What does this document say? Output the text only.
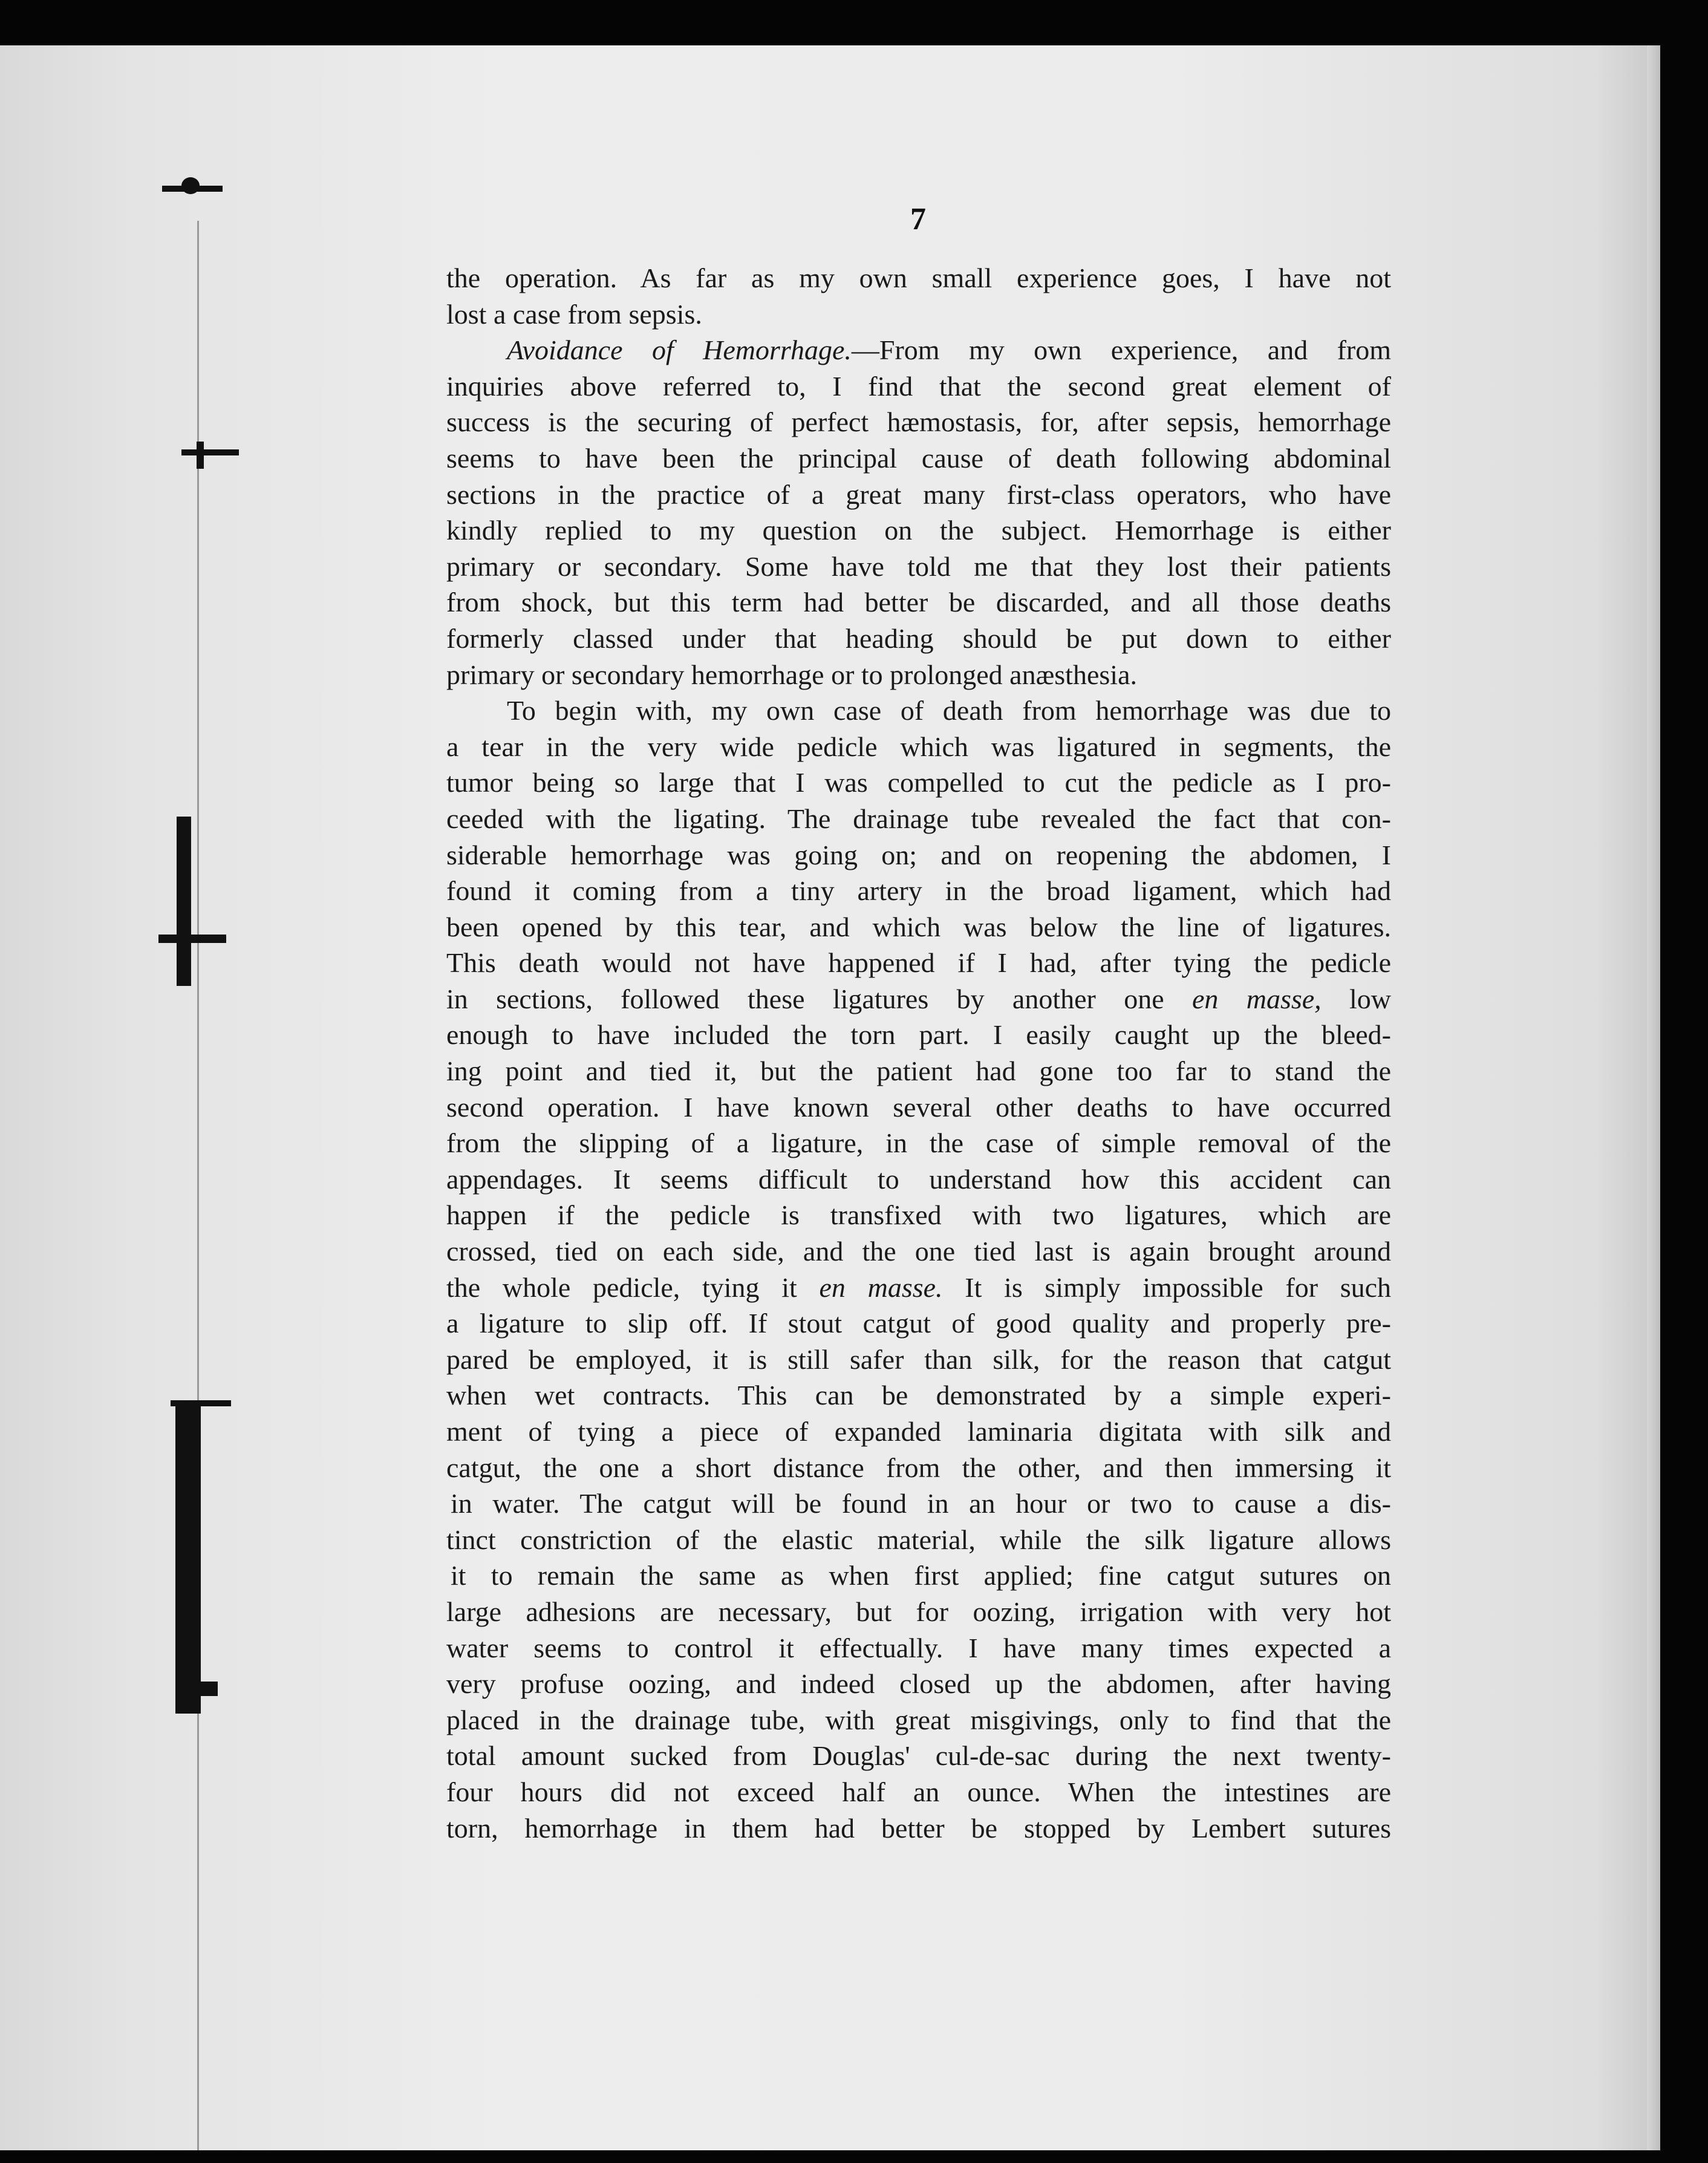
7
the operation. As far as my own small experience goes, I have not
lost a case from sepsis.
Avoidance of Hemorrhage.—From my own experience, and from
inquiries above referred to, I find that the second great element of
success is the securing of perfect hæmostasis, for, after sepsis, hemorrhage
seems to have been the principal cause of death following abdominal
sections in the practice of a great many first-class operators, who have
kindly replied to my question on the subject. Hemorrhage is either
primary or secondary. Some have told me that they lost their patients
from shock, but this term had better be discarded, and all those deaths
formerly classed under that heading should be put down to either
primary or secondary hemorrhage or to prolonged anæsthesia.
To begin with, my own case of death from hemorrhage was due to
a tear in the very wide pedicle which was ligatured in segments, the
tumor being so large that I was compelled to cut the pedicle as I pro-
ceeded with the ligating. The drainage tube revealed the fact that con-
siderable hemorrhage was going on; and on reopening the abdomen, I
found it coming from a tiny artery in the broad ligament, which had
been opened by this tear, and which was below the line of ligatures.
This death would not have happened if I had, after tying the pedicle
in sections, followed these ligatures by another one en masse, low
enough to have included the torn part. I easily caught up the bleed-
ing point and tied it, but the patient had gone too far to stand the
second operation. I have known several other deaths to have occurred
from the slipping of a ligature, in the case of simple removal of the
appendages. It seems difficult to understand how this accident can
happen if the pedicle is transfixed with two ligatures, which are
crossed, tied on each side, and the one tied last is again brought around
the whole pedicle, tying it en masse. It is simply impossible for such
a ligature to slip off. If stout catgut of good quality and properly pre-
pared be employed, it is still safer than silk, for the reason that catgut
when wet contracts. This can be demonstrated by a simple experi-
ment of tying a piece of expanded laminaria digitata with silk and
catgut, the one a short distance from the other, and then immersing it
in water. The catgut will be found in an hour or two to cause a dis-
tinct constriction of the elastic material, while the silk ligature allows
it to remain the same as when first applied; fine catgut sutures on
large adhesions are necessary, but for oozing, irrigation with very hot
water seems to control it effectually. I have many times expected a
very profuse oozing, and indeed closed up the abdomen, after having
placed in the drainage tube, with great misgivings, only to find that the
total amount sucked from Douglas' cul-de-sac during the next twenty-
four hours did not exceed half an ounce. When the intestines are
torn, hemorrhage in them had better be stopped by Lembert sutures
